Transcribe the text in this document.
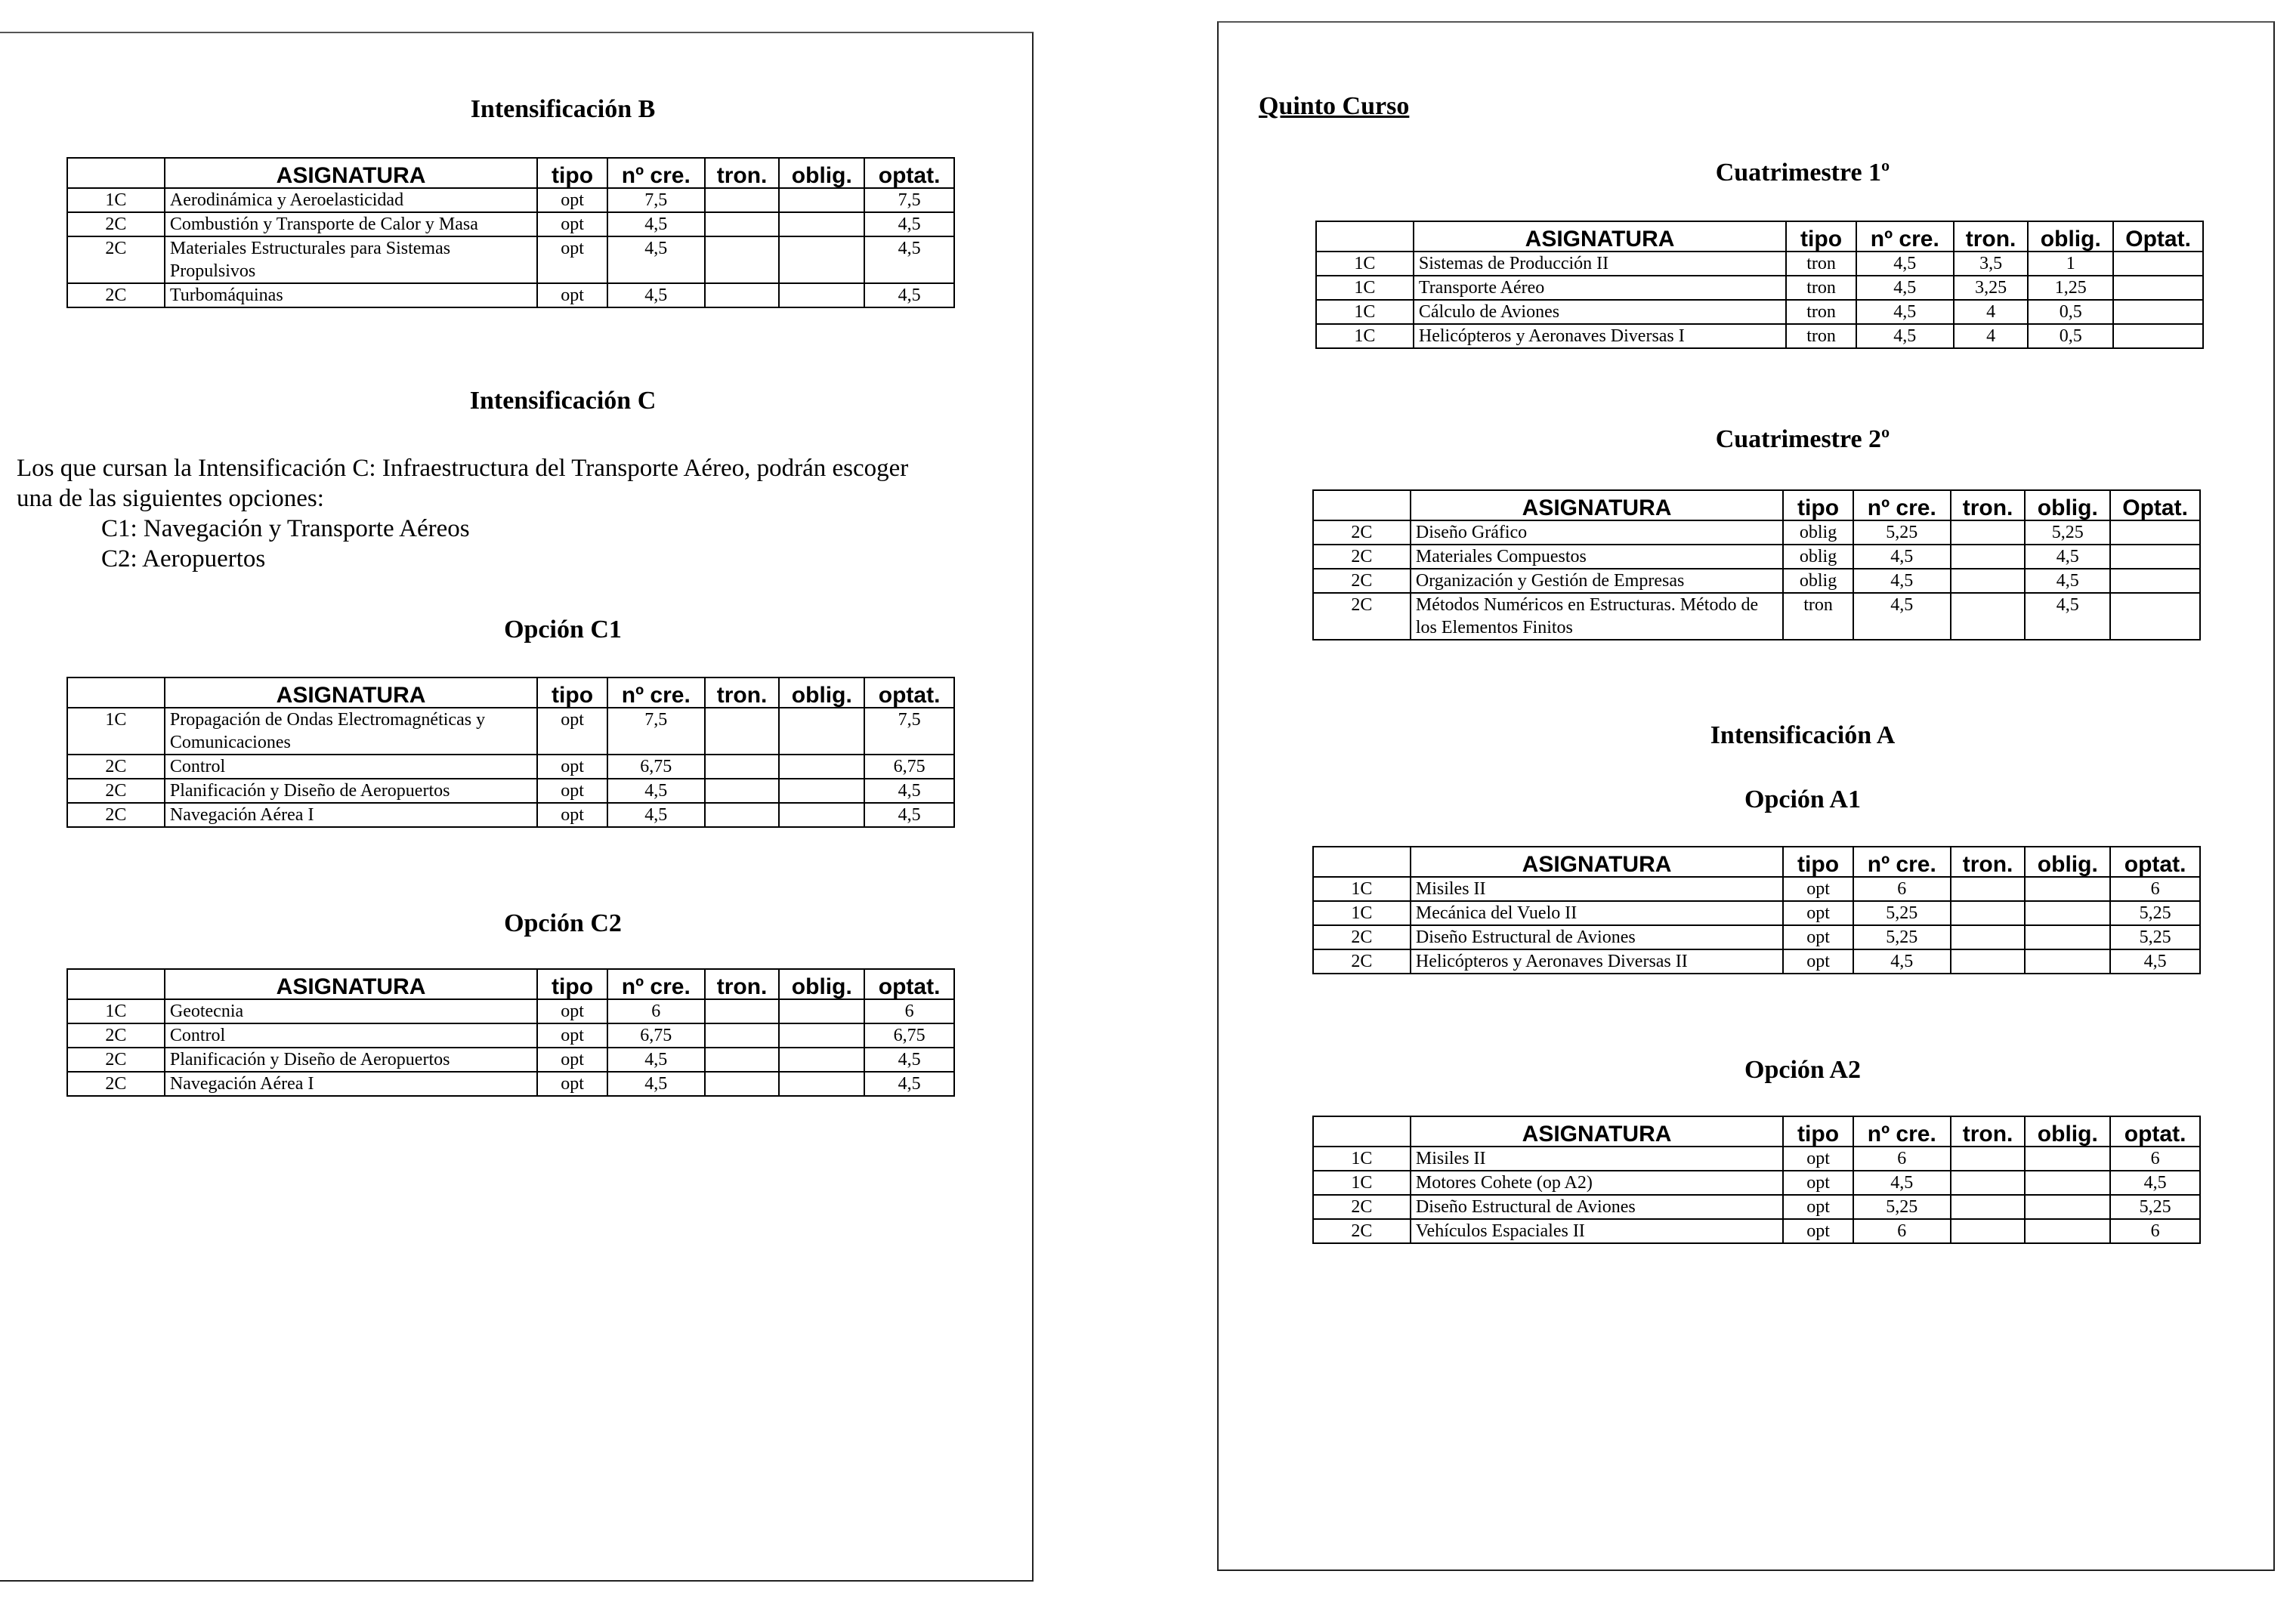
Intensificación B
	ASIGNATURA	tipo	nº cre.	tron.	oblig.	optat.
1C	Aerodinámica y Aeroelasticidad	opt	7,5			7,5
2C	Combustión y Transporte de Calor y Masa	opt	4,5			4,5
2C	Materiales Estructurales para Sistemas Propulsivos	opt	4,5			4,5
2C	Turbomáquinas	opt	4,5			4,5
Intensificación C
Los que cursan la Intensificación C: Infraestructura del Transporte Aéreo, podrán escoger
una de las siguientes opciones:
C1: Navegación y Transporte Aéreos
C2: Aeropuertos
Opción C1
	ASIGNATURA	tipo	nº cre.	tron.	oblig.	optat.
1C	Propagación de Ondas Electromagnéticas y Comunicaciones	opt	7,5			7,5
2C	Control	opt	6,75			6,75
2C	Planificación y Diseño de Aeropuertos	opt	4,5			4,5
2C	Navegación Aérea I	opt	4,5			4,5
Opción C2
	ASIGNATURA	tipo	nº cre.	tron.	oblig.	optat.
1C	Geotecnia	opt	6			6
2C	Control	opt	6,75			6,75
2C	Planificación y Diseño de Aeropuertos	opt	4,5			4,5
2C	Navegación Aérea I	opt	4,5			4,5
Quinto Curso
Cuatrimestre 1º
	ASIGNATURA	tipo	nº cre.	tron.	oblig.	Optat.
1C	Sistemas de Producción II	tron	4,5	3,5	1	
1C	Transporte Aéreo	tron	4,5	3,25	1,25	
1C	Cálculo de Aviones	tron	4,5	4	0,5	
1C	Helicópteros y Aeronaves Diversas I	tron	4,5	4	0,5	
Cuatrimestre 2º
	ASIGNATURA	tipo	nº cre.	tron.	oblig.	Optat.
2C	Diseño Gráfico	oblig	5,25		5,25	
2C	Materiales Compuestos	oblig	4,5		4,5	
2C	Organización y Gestión de Empresas	oblig	4,5		4,5	
2C	Métodos Numéricos en Estructuras. Método de los Elementos Finitos	tron	4,5		4,5	
Intensificación A
Opción A1
	ASIGNATURA	tipo	nº cre.	tron.	oblig.	optat.
1C	Misiles II	opt	6			6
1C	Mecánica del Vuelo II	opt	5,25			5,25
2C	Diseño Estructural de Aviones	opt	5,25			5,25
2C	Helicópteros y Aeronaves Diversas II	opt	4,5			4,5
Opción A2
	ASIGNATURA	tipo	nº cre.	tron.	oblig.	optat.
1C	Misiles II	opt	6			6
1C	Motores Cohete (op A2)	opt	4,5			4,5
2C	Diseño Estructural de Aviones	opt	5,25			5,25
2C	Vehículos Espaciales II	opt	6			6
